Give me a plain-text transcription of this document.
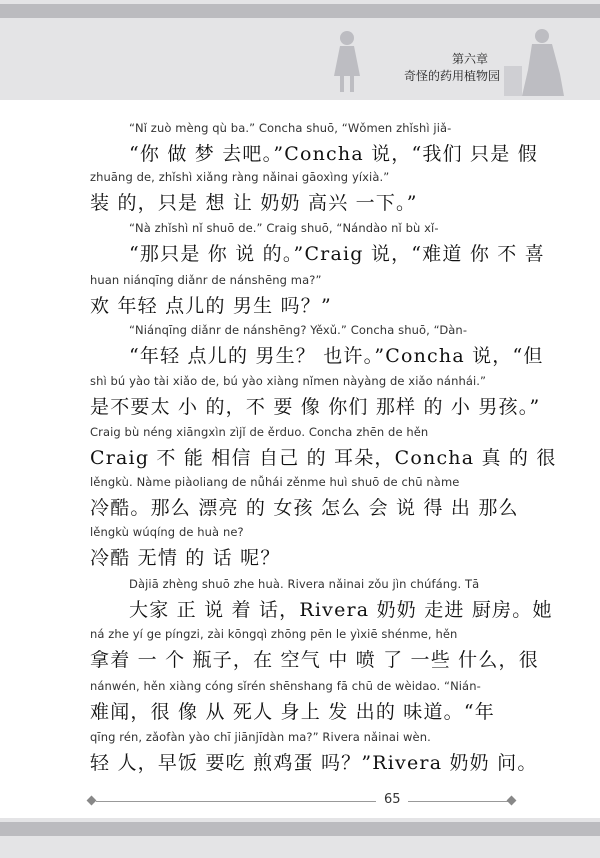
第六章
奇怪的药用植物园
“Nǐ zuò mèng qù ba.” Concha shuō, “Wǒmen zhǐshì jiǎ-
“你 做 梦 去吧。”Concha 说，“我们 只是 假
zhuāng de, zhǐshì xiǎng ràng nǎinai gāoxìng yíxià.”
装 的，只是 想 让 奶奶 高兴 一下。”
“Nà zhǐshì nǐ shuō de.” Craig shuō, “Nándào nǐ bù xǐ-
“那只是 你 说 的。”Craig 说，“难道 你 不 喜
huan niánqīng diǎnr de nánshēng ma?”
欢 年轻 点儿的 男生 吗？”
“Niánqīng diǎnr de nánshēng? Yěxǔ.” Concha shuō, “Dàn-
“年轻 点儿的 男生？ 也许。”Concha 说，“但
shì bú yào tài xiǎo de, bú yào xiàng nǐmen nàyàng de xiǎo nánhái.”
是不要太 小 的，不 要 像 你们 那样 的 小 男孩。”
Craig bù néng xiāngxìn zìjǐ de ěrduo. Concha zhēn de hěn
Craig 不 能 相信 自己 的 耳朵，Concha 真 的 很
lěngkù. Nàme piàoliang de nǚhái zěnme huì shuō de chū nàme
冷酷。那么 漂亮 的 女孩 怎么 会 说 得 出 那么
lěngkù wúqíng de huà ne?
冷酷 无情 的 话 呢？
Dàjiā zhèng shuō zhe huà. Rivera nǎinai zǒu jìn chúfáng. Tā
大家 正 说 着 话，Rivera 奶奶 走进 厨房。她
ná zhe yí ge píngzi, zài kōngqì zhōng pēn le yìxiē shénme, hěn
拿着 一 个 瓶子，在 空气 中 喷 了 一些 什么，很
nánwén, hěn xiàng cóng sǐrén shēnshang fā chū de wèidao. “Nián-
难闻，很 像 从 死人 身上 发 出的 味道。“年
qīng rén, zǎofàn yào chī jiānjīdàn ma?” Rivera nǎinai wèn.
轻 人，早饭 要吃 煎鸡蛋 吗？”Rivera 奶奶 问。
65
